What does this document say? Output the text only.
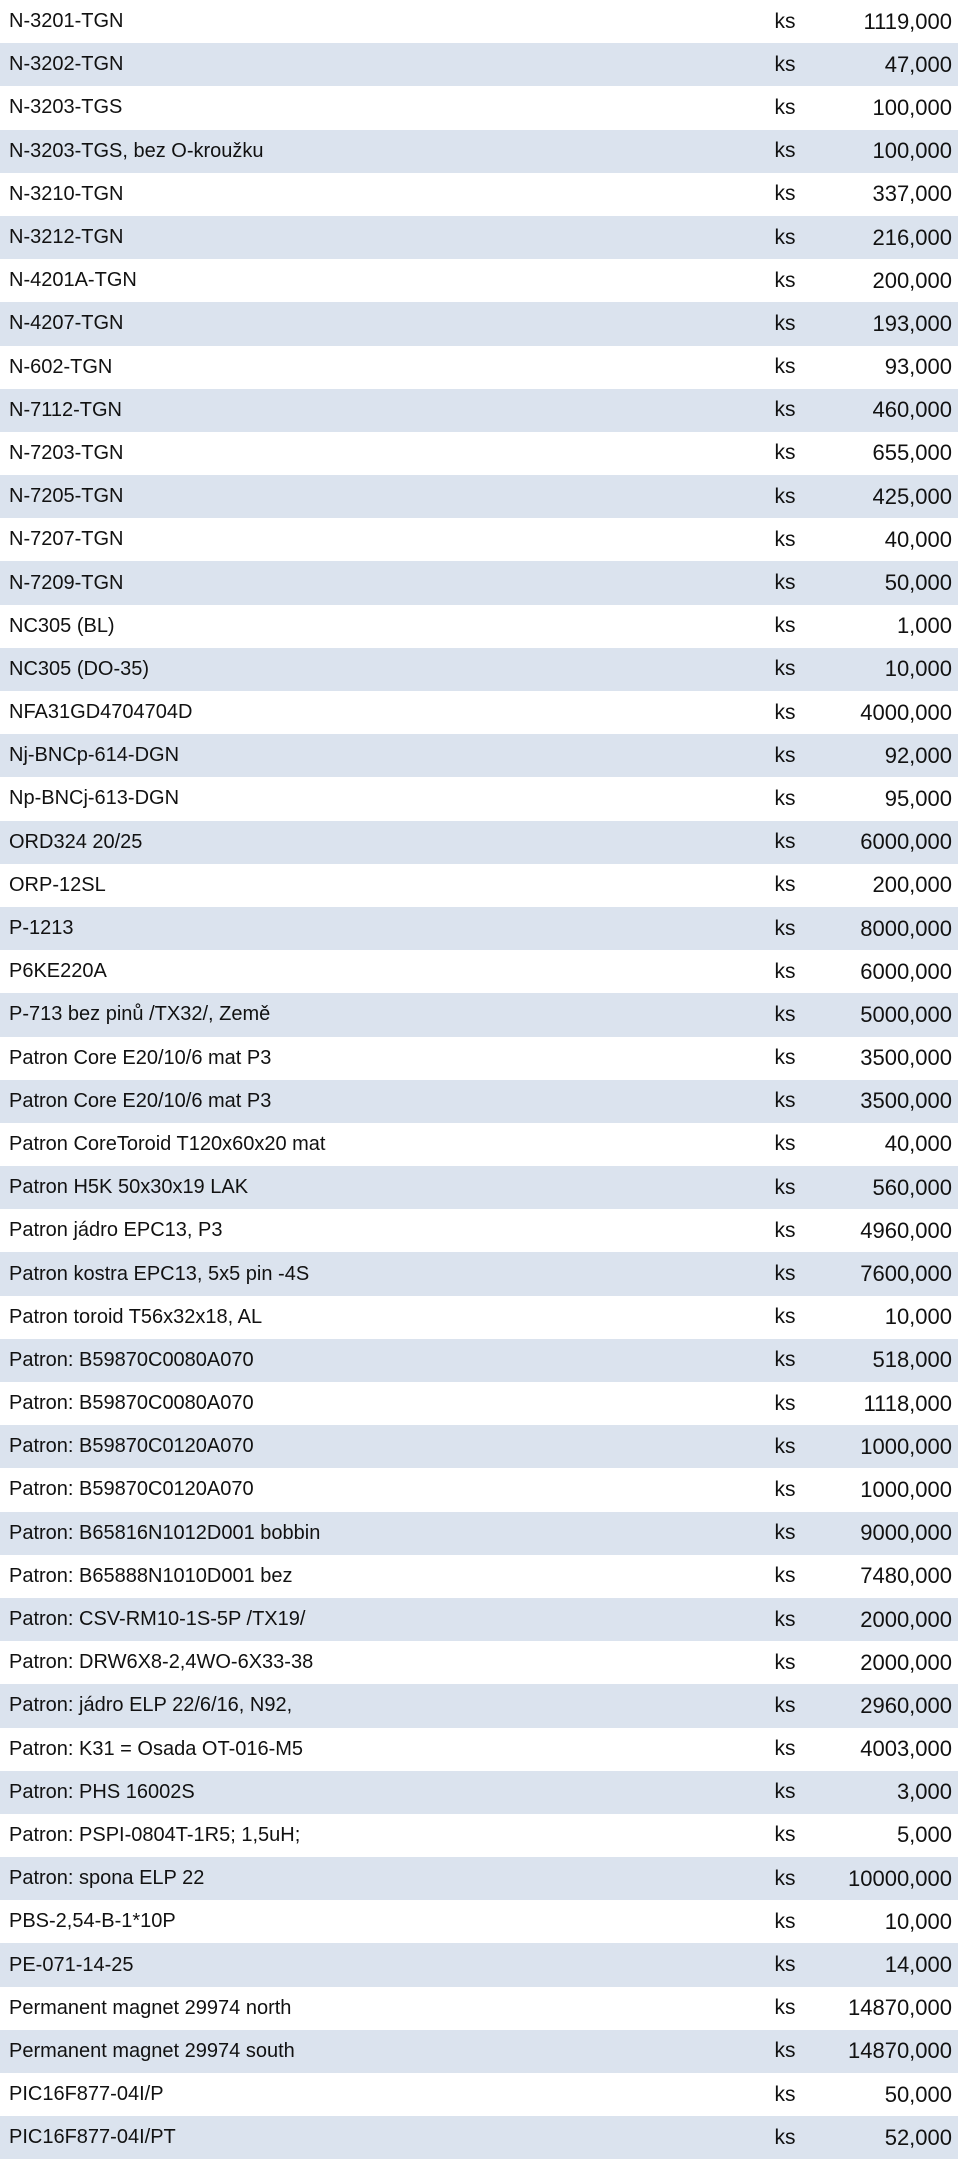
N-3201-TGN	ks	1119,000
N-3202-TGN	ks	47,000
N-3203-TGS	ks	100,000
N-3203-TGS, bez O-kroužku	ks	100,000
N-3210-TGN	ks	337,000
N-3212-TGN	ks	216,000
N-4201A-TGN	ks	200,000
N-4207-TGN	ks	193,000
N-602-TGN	ks	93,000
N-7112-TGN	ks	460,000
N-7203-TGN	ks	655,000
N-7205-TGN	ks	425,000
N-7207-TGN	ks	40,000
N-7209-TGN	ks	50,000
NC305 (BL)	ks	1,000
NC305 (DO-35)	ks	10,000
NFA31GD4704704D	ks	4000,000
Nj-BNCp-614-DGN	ks	92,000
Np-BNCj-613-DGN	ks	95,000
ORD324 20/25	ks	6000,000
ORP-12SL	ks	200,000
P-1213	ks	8000,000
P6KE220A	ks	6000,000
P-713 bez pinů /TX32/, Země	ks	5000,000
Patron Core E20/10/6 mat P3	ks	3500,000
Patron Core E20/10/6 mat P3	ks	3500,000
Patron CoreToroid T120x60x20 mat	ks	40,000
Patron H5K 50x30x19 LAK	ks	560,000
Patron jádro EPC13, P3	ks	4960,000
Patron kostra EPC13, 5x5 pin -4S	ks	7600,000
Patron toroid T56x32x18, AL	ks	10,000
Patron: B59870C0080A070	ks	518,000
Patron: B59870C0080A070	ks	1118,000
Patron: B59870C0120A070	ks	1000,000
Patron: B59870C0120A070	ks	1000,000
Patron: B65816N1012D001 bobbin	ks	9000,000
Patron: B65888N1010D001 bez	ks	7480,000
Patron: CSV-RM10-1S-5P /TX19/	ks	2000,000
Patron: DRW6X8-2,4WO-6X33-38	ks	2000,000
Patron: jádro ELP 22/6/16, N92,	ks	2960,000
Patron: K31 = Osada OT-016-M5	ks	4003,000
Patron: PHS 16002S	ks	3,000
Patron: PSPI-0804T-1R5; 1,5uH;	ks	5,000
Patron: spona ELP 22	ks	10000,000
PBS-2,54-B-1*10P	ks	10,000
PE-071-14-25	ks	14,000
Permanent magnet 29974 north	ks	14870,000
Permanent magnet 29974 south	ks	14870,000
PIC16F877-04I/P	ks	50,000
PIC16F877-04I/PT	ks	52,000
